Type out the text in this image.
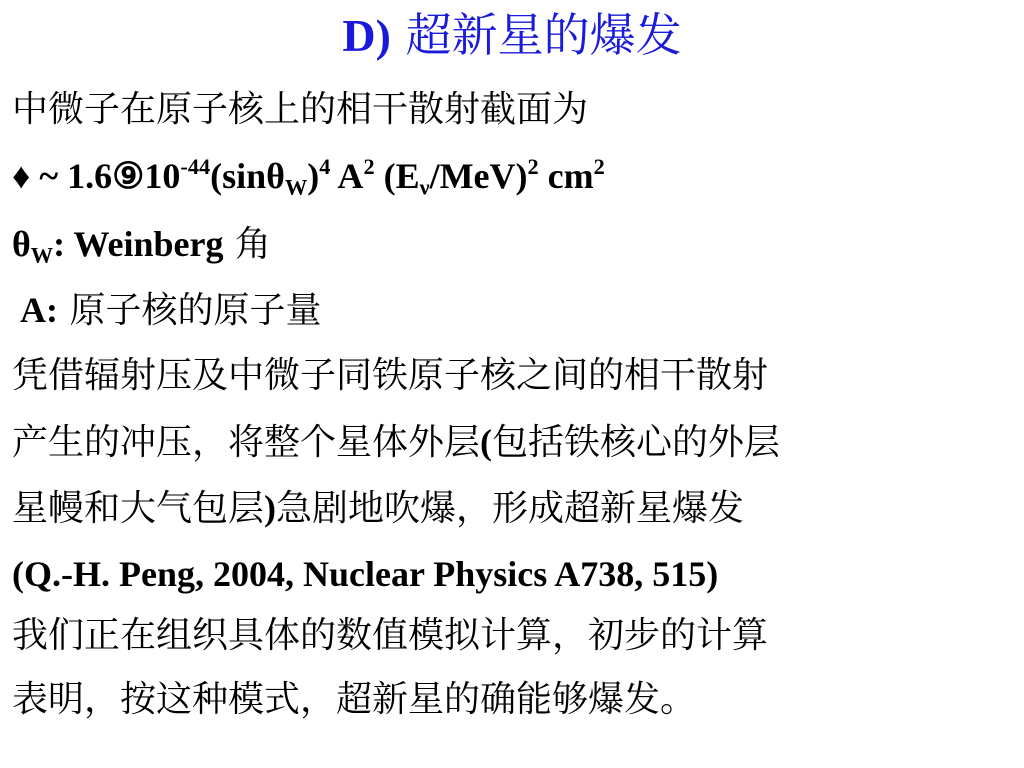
D) 超新星的爆发
中微子在原子核上的相干散射截面为
♦ ~ $1.6⑨10^{-44}(\sin\theta_W)^4$ $A^2$ $(E_\nu/MeV)^2$ $cm^2$
$\theta_W$: Weinberg 角
A: 原子核的原子量
凭借辐射压及中微子同铁原子核之间的相干散射
产生的冲压，将整个星体外层(包括铁核心的外层
星幔和大气包层)急剧地吹爆，形成超新星爆发
(Q.-H. Peng, 2004, Nuclear Physics A738, 515)
我们正在组织具体的数值模拟计算，初步的计算
表明，按这种模式，超新星的确能够爆发。
